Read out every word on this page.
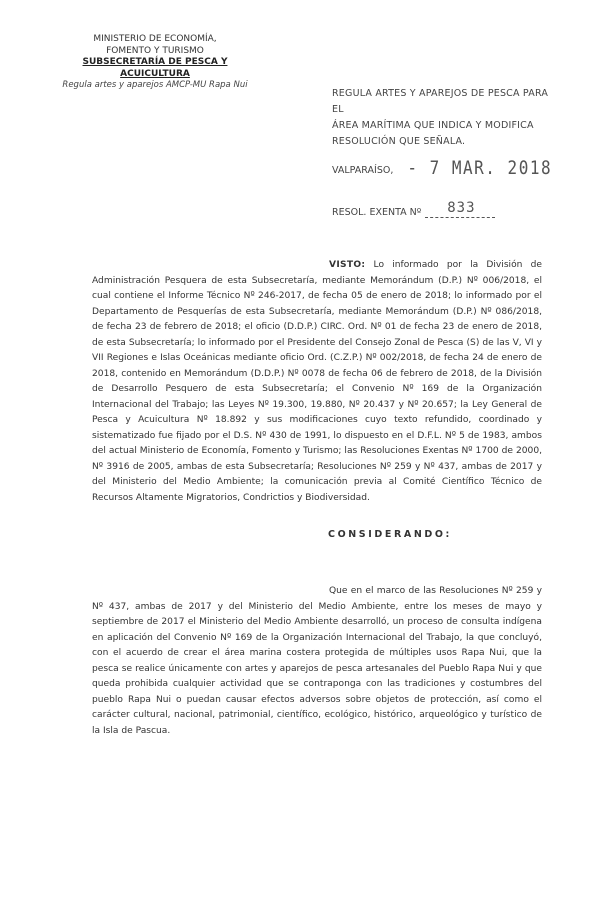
MINISTERIO DE ECONOMÍA,
FOMENTO Y TURISMO
SUBSECRETARÍA DE PESCA Y ACUICULTURA
Regula artes y aparejos AMCP-MU Rapa Nui
REGULA ARTES Y APAREJOS DE PESCA PARA EL
ÁREA MARÍTIMA QUE INDICA Y MODIFICA
RESOLUCIÓN QUE SEÑALA.
VALPARAÍSO, - 7 MAR. 2018
RESOL. EXENTA Nº 833

VISTO: Lo informado por la División de Administración Pesquera de esta Subsecretaría, mediante Memorándum (D.P.) Nº 006/2018, el cual contiene el Informe Técnico Nº 246-2017, de fecha 05 de enero de 2018; lo informado por el Departamento de Pesquerías de esta Subsecretaría, mediante Memorándum (D.P.) Nº 086/2018, de fecha 23 de febrero de 2018; el oficio (D.D.P.) CIRC. Ord. Nº 01 de fecha 23 de enero de 2018, de esta Subsecretaría; lo informado por el Presidente del Consejo Zonal de Pesca (S) de las V, VI y VII Regiones e Islas Oceánicas mediante oficio Ord. (C.Z.P.) Nº 002/2018, de fecha 24 de enero de 2018, contenido en Memorándum (D.D.P.) Nº 0078 de fecha 06 de febrero de 2018, de la División de Desarrollo Pesquero de esta Subsecretaría; el Convenio Nº 169 de la Organización Internacional del Trabajo; las Leyes Nº 19.300, 19.880, Nº 20.437 y Nº 20.657; la Ley General de Pesca y Acuicultura Nº 18.892 y sus modificaciones cuyo texto refundido, coordinado y sistematizado fue fijado por el D.S. Nº 430 de 1991, lo dispuesto en el D.F.L. Nº 5 de 1983, ambos del actual Ministerio de Economía, Fomento y Turismo; las Resoluciones Exentas Nº 1700 de 2000, Nº 3916 de 2005, ambas de esta Subsecretaría; Resoluciones Nº 259 y Nº 437, ambas de 2017 y del Ministerio del Medio Ambiente; la comunicación previa al Comité Científico Técnico de Recursos Altamente Migratorios, Condrictios y Biodiversidad.

CONSIDERANDO:

Que en el marco de las Resoluciones Nº 259 y Nº 437, ambas de 2017 y del Ministerio del Medio Ambiente, entre los meses de mayo y septiembre de 2017 el Ministerio del Medio Ambiente desarrolló, un proceso de consulta indígena en aplicación del Convenio Nº 169 de la Organización Internacional del Trabajo, la que concluyó, con el acuerdo de crear el área marina costera protegida de múltiples usos Rapa Nui, que la pesca se realice únicamente con artes y aparejos de pesca artesanales del Pueblo Rapa Nui y que queda prohibida cualquier actividad que se contraponga con las tradiciones y costumbres del pueblo Rapa Nui o puedan causar efectos adversos sobre objetos de protección, así como el carácter cultural, nacional, patrimonial, científico, ecológico, histórico, arqueológico y turístico de la Isla de Pascua.
